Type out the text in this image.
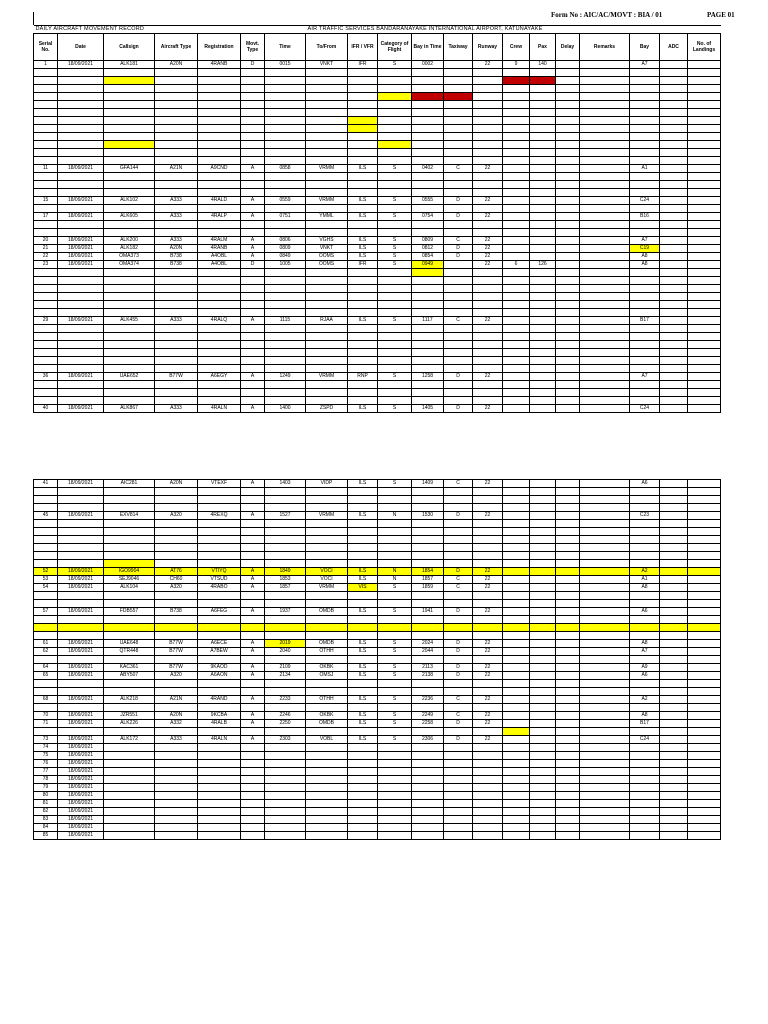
Form No : AIC/AC/MOVT : BIA / 01	PAGE 01
DAILY AIRCRAFT MOVEMENT RECORD							AIR TRAFFIC SERVICES BANDARANAYAKE INTERNATIONAL AIRPORT, KATUNAYAKE												
Serial No.	Date	Callsign	Aircraft Type	Registration	Movt. Type	Time	To/From	IFR / VFR	Category of Flight	Bay in Time	Taxiway	Runway	Crew	Pax	Delay	Remarks	Bay	ADC	No. of Landings
1	18/09/2021	ALK181	A20N	4RANB	D	0015	VNKT	IFR	S	0002		22	9	140			A7		

11	18/09/2021	GFA144	A21N	A9CND	A	0858	VRMM	ILS	S	0402	C	22					A1		

15	18/09/2021	ALK102	A333	4RALD	A	0559	VRMM	ILS	S	0555	D	22					C24		

17	18/09/2021	ALK605	A333	4RALP	A	0751	YMML	ILS	S	0754	D	22					B16		

20	18/09/2021	ALK200	A333	4RALM	A	0806	VGHS	ILS	S	0809	C	22					A7		
21	18/09/2021	ALK182	A20N	4RANB	A	0809	VNKT	ILS	S	0812	D	22					C19		
22	18/09/2021	OMA373	B738	A4OBL	A	0849	OOMS	ILS	S	0854	D	22					A8		
23	18/09/2021	OMA374	B738	A4OBL	D	1005	OOMS	IFR	S	0949		22	6	126			A8		

29	18/09/2021	ALK455	A333	4RALQ	A	1115	RJAA	ILS	S	1117	C	22					B17		

36	18/09/2021	UAE652	B77W	A6EGY	A	1249	VRMM	RNP	S	1258	D	22					A7		

40	18/09/2021	ALK867	A333	4RALN	A	1400	ZSPD	ILS	S	1405	D	22					C24		
41	18/09/2021	AIC281	A20N	VTEXF	A	1403	VIDP	ILS	S	1409	C	22					A6		

45	18/09/2021	EXV814	A320	4REXQ	A	1527	VRMM	ILS	N	1530	D	22					C23		

52	18/09/2021	IGO9904	AT76	VTIYQ	A	1849	VOCI	ILS	N	1854	D	22					A2		
53	18/09/2021	SEJ9046	CH60	VTSUD	A	1853	VOCI	ILS	N	1857	C	22					A1		
54	18/09/2021	ALK104	A320	4RABO	A	1857	VRMM	VIS	S	1859	C	22					A8		

57	18/09/2021	FDB557	B738	A6FEG	A	1937	OMDB	ILS	S	1941	D	22					A6		

61	18/09/2021	UAE648	B77W	A6ECE	A	2019	OMDB	ILS	S	2024	D	22					A8		
62	18/09/2021	QTR448	B77W	A7BEW	A	2040	OTHH	ILS	S	2044	D	22					A7		

64	18/09/2021	KAC361	B77W	9KAOD	A	2109	OKBK	ILS	S	2113	D	22					A9		
65	18/09/2021	ABY507	A320	A6AON	A	2134	OMSJ	ILS	S	2138	D	22					A6		

68	18/09/2021	ALK218	A21N	4RAND	A	2233	OTHH	ILS	S	2236	C	22					A2		

70	18/09/2021	JZR551	A20N	9KCBA	A	2246	OKBK	ILS	S	2249	C	22					A8		
71	18/09/2021	ALK226	A332	4RALB	A	2250	OMDB	ILS	S	2258	D	22					B17		

73	18/09/2021	ALK172	A333	4RALN	A	2303	VOBL	ILS	S	2306	D	22					C24		
74	18/09/2021																		
75	18/09/2021																		
76	18/09/2021																		
77	18/09/2021																		
78	18/09/2021																		
79	18/09/2021																		
80	18/09/2021																		
81	18/09/2021																		
82	18/09/2021																		
83	18/09/2021																		
84	18/09/2021																		
85	18/09/2021																		
